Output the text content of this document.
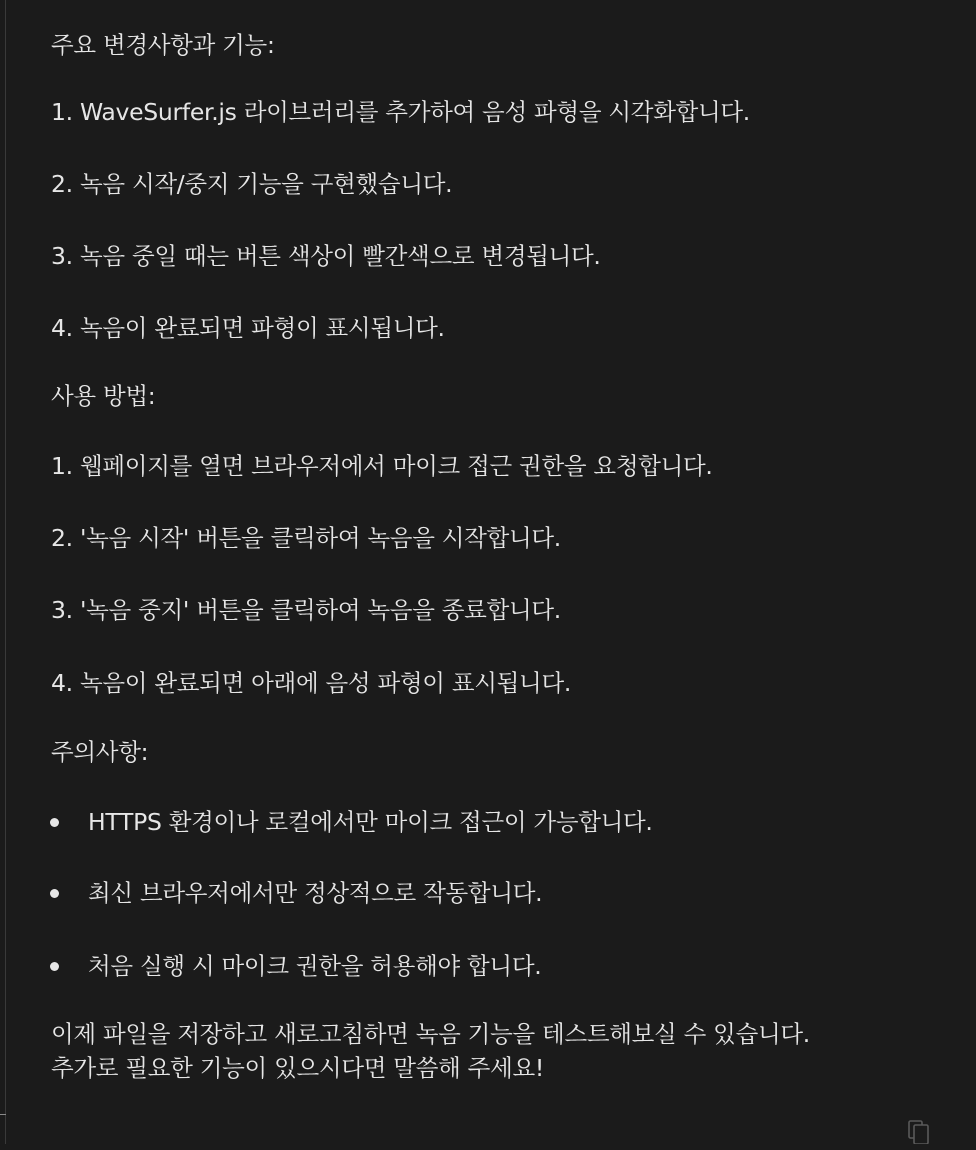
주요 변경사항과 기능:
1. WaveSurfer.js 라이브러리를 추가하여 음성 파형을 시각화합니다.
2. 녹음 시작/중지 기능을 구현했습니다.
3. 녹음 중일 때는 버튼 색상이 빨간색으로 변경됩니다.
4. 녹음이 완료되면 파형이 표시됩니다.
사용 방법:
1. 웹페이지를 열면 브라우저에서 마이크 접근 권한을 요청합니다.
2. '녹음 시작' 버튼을 클릭하여 녹음을 시작합니다.
3. '녹음 중지' 버튼을 클릭하여 녹음을 종료합니다.
4. 녹음이 완료되면 아래에 음성 파형이 표시됩니다.
주의사항:
HTTPS 환경이나 로컬에서만 마이크 접근이 가능합니다.
최신 브라우저에서만 정상적으로 작동합니다.
처음 실행 시 마이크 권한을 허용해야 합니다.
이제 파일을 저장하고 새로고침하면 녹음 기능을 테스트해보실 수 있습니다.
추가로 필요한 기능이 있으시다면 말씀해 주세요!
